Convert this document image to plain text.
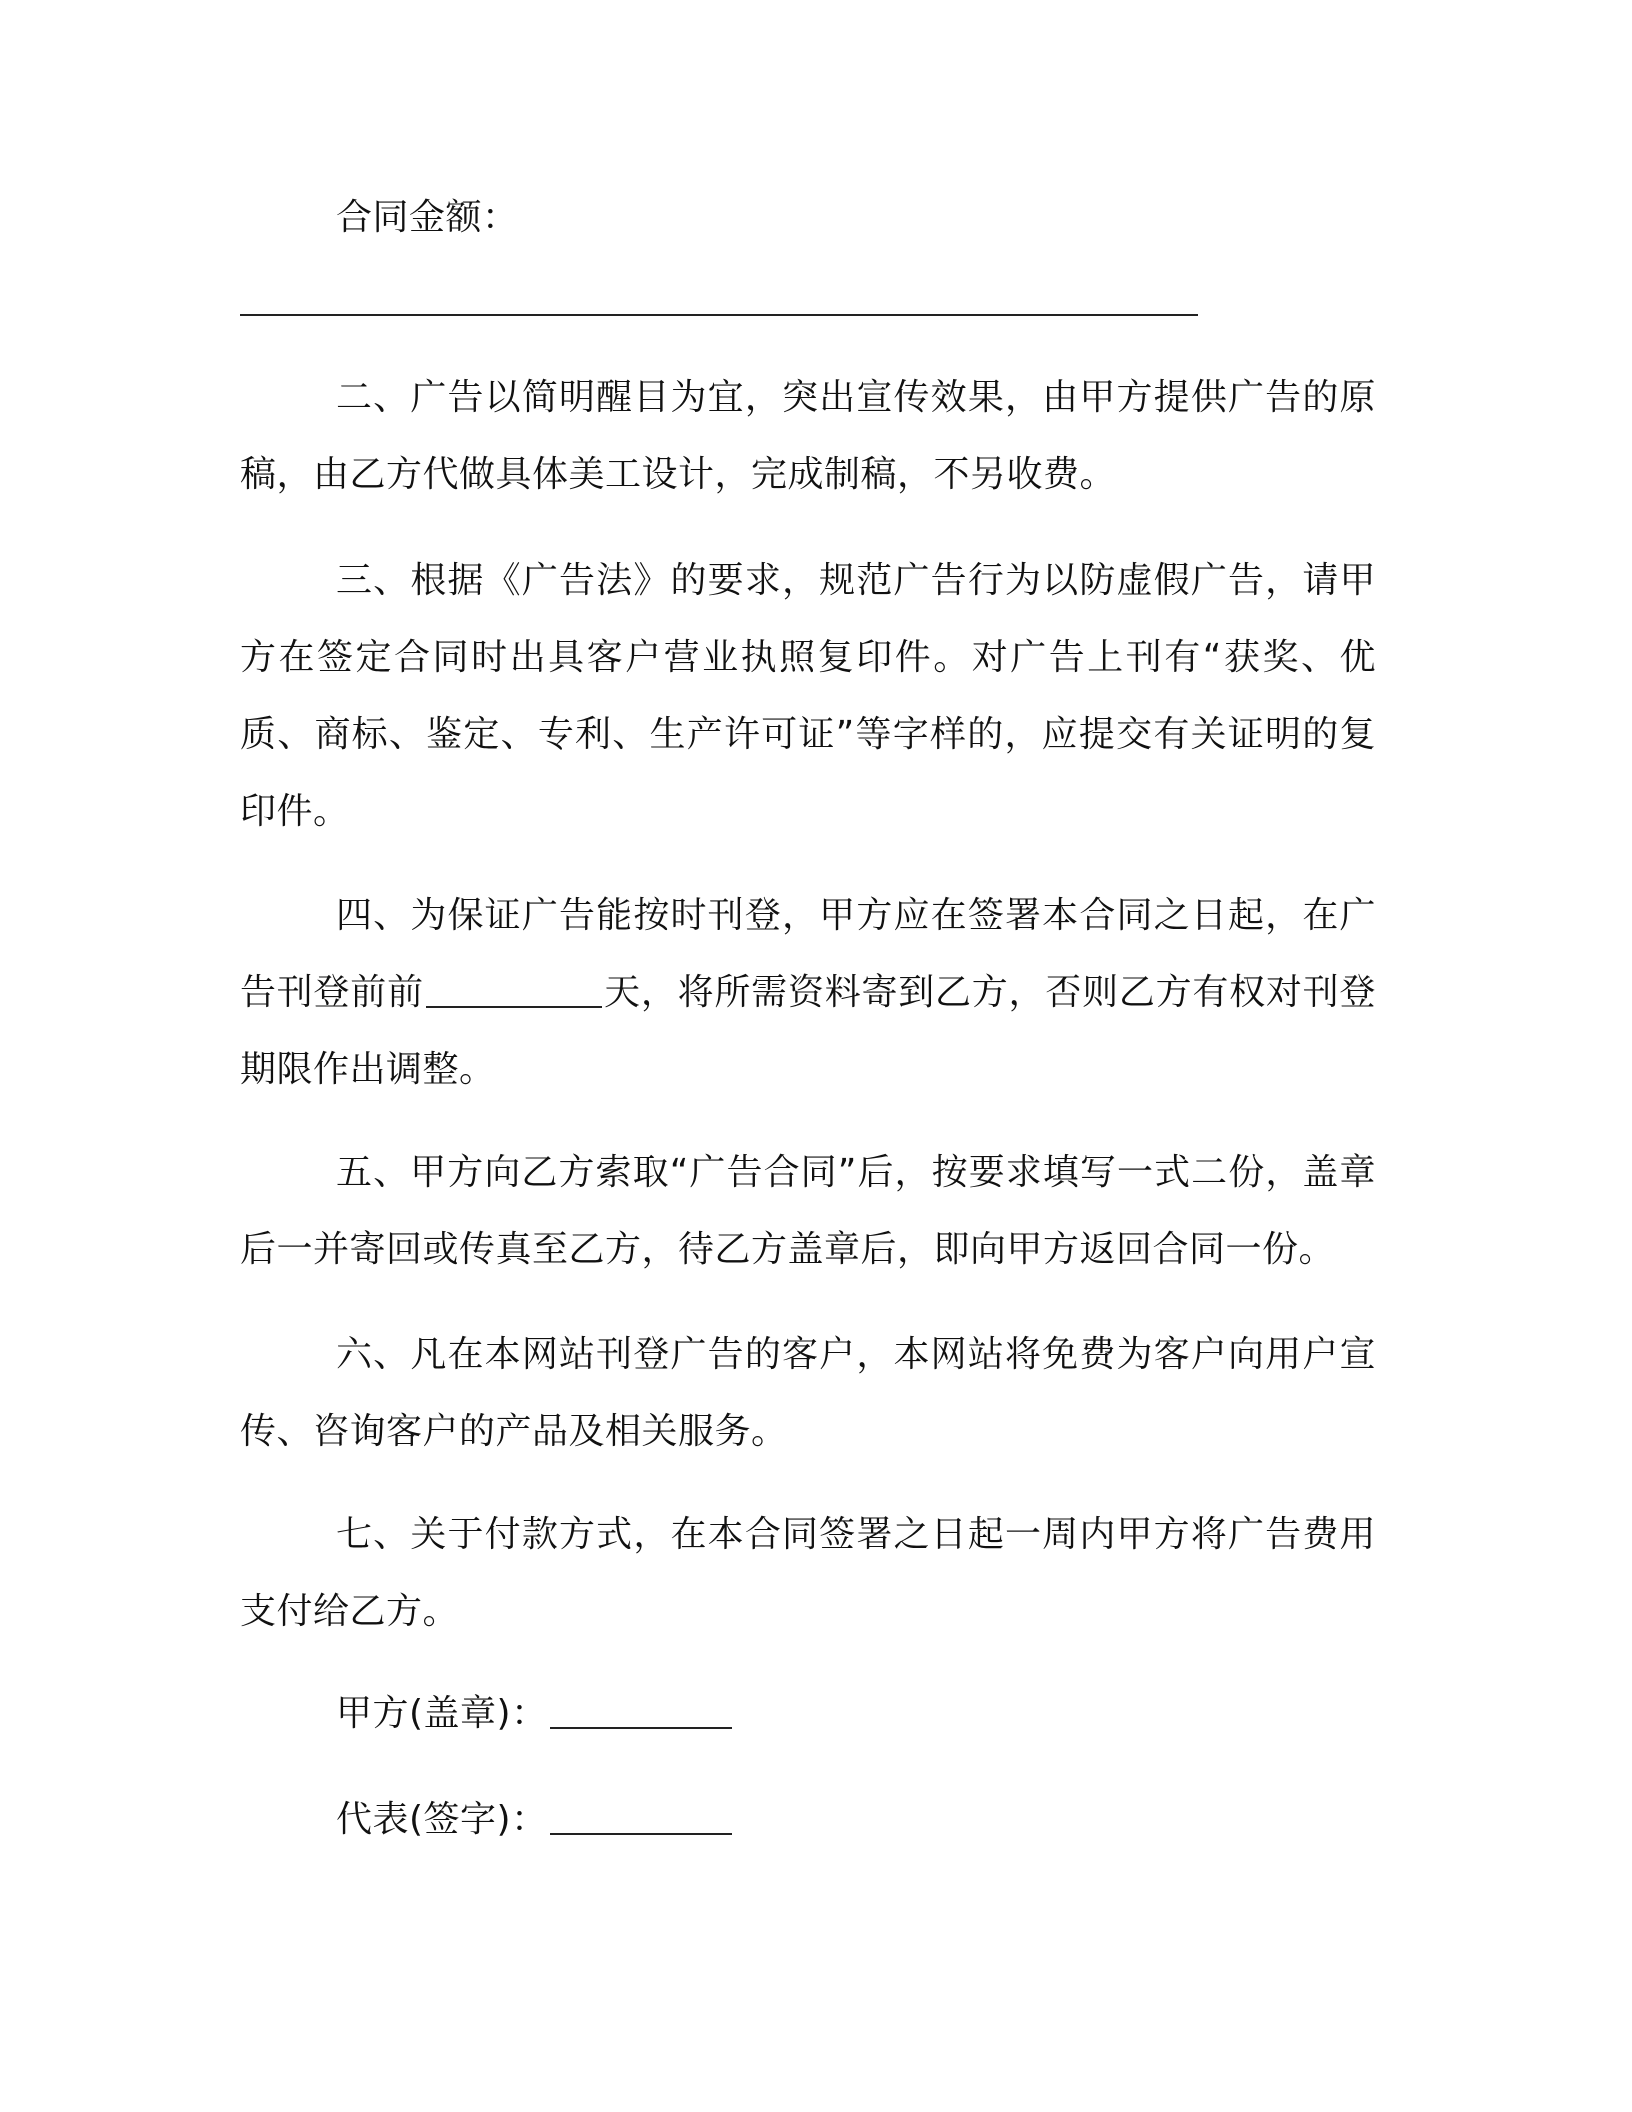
合同金额：
二、广告以简明醒目为宜，突出宣传效果，由甲方提供广告的原稿，由乙方代做具体美工设计，完成制稿，不另收费。
三、根据《广告法》的要求，规范广告行为以防虚假广告，请甲方在签定合同时出具客户营业执照复印件。对广告上刊有“获奖、优质、商标、鉴定、专利、生产许可证”等字样的，应提交有关证明的复印件。
四、为保证广告能按时刊登，甲方应在签署本合同之日起，在广告刊登前前	天，将所需资料寄到乙方，否则乙方有权对刊登期限作出调整。
五、甲方向乙方索取“广告合同”后，按要求填写一式二份，盖章后一并寄回或传真至乙方，待乙方盖章后，即向甲方返回合同一份。
六、凡在本网站刊登广告的客户，本网站将免费为客户向用户宣传、咨询客户的产品及相关服务。
七、关于付款方式，在本合同签署之日起一周内甲方将广告费用支付给乙方。
甲方(盖章)：
代表(签字)：
